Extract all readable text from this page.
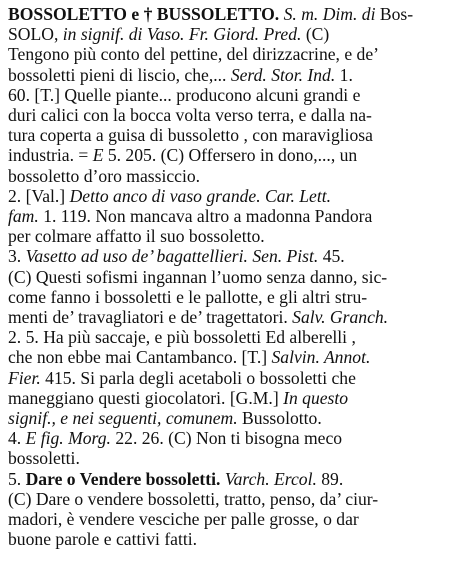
BOSSOLETTO e † BUSSOLETTO. S. m. Dim. di Bos-
SOLO, in signif. di Vaso. Fr. Giord. Pred. (C)
Tengono più conto del pettine, del dirizzacrine, e de’
bossoletti pieni di liscio, che,... Serd. Stor. Ind. 1.
60. [T.] Quelle piante... producono alcuni grandi e
duri calici con la bocca volta verso terra, e dalla na-
tura coperta a guisa di bussoletto , con maravigliosa
industria. = E 5. 205. (C) Offersero in dono,..., un
bossoletto d’oro massiccio.
2. [Val.] Detto anco di vaso grande. Car. Lett.
fam. 1. 119. Non mancava altro a madonna Pandora
per colmare affatto il suo bossoletto.
3. Vasetto ad uso de’ bagattellieri. Sen. Pist. 45.
(C) Questi sofismi ingannan l’uomo senza danno, sic-
come fanno i bossoletti e le pallotte, e gli altri stru-
menti de’ travagliatori e de’ tragettatori. Salv. Granch.
2. 5. Ha più saccaje, e più bossoletti Ed alberelli ,
che non ebbe mai Cantambanco. [T.] Salvin. Annot.
Fier. 415. Si parla degli acetaboli o bossoletti che
maneggiano questi giocolatori. [G.M.] In questo
signif., e nei seguenti, comunem. Bussolotto.
4. E fig. Morg. 22. 26. (C) Non ti bisogna meco
bossoletti.
5. Dare o Vendere bossoletti. Varch. Ercol. 89.
(C) Dare o vendere bossoletti, tratto, penso, da’ ciur-
madori, è vendere vesciche per palle grosse, o dar
buone parole e cattivi fatti.
